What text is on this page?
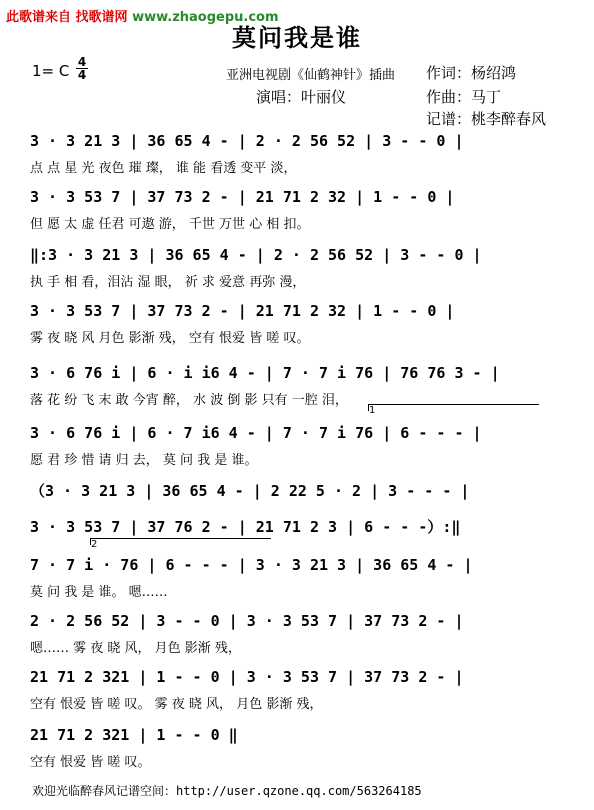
此歌谱来自 找歌谱网 www.zhaogepu.com
莫问我是谁
1= C $\frac{4}{4}$	亚洲电视剧《仙鹤神针》插曲
演唱：叶丽仪
作词：杨绍鸿
作曲：马丁
记谱：桃李醉春风
3 · 3 21 3 | 36 65 4 - | 2 · 2 56 52 | 3 - - 0 |
点 点 星 光 夜色 璀 璨， 谁 能 看透 变平 淡，
3 · 3 53 7 | 37 73 2 - | 21 71 2 32 | 1 - - 0 |
但 愿 太 虚 任君 可遨 游， 千世 万世 心 相 扣。
‖:3 · 3 21 3 | 36 65 4 - | 2 · 2 56 52 | 3 - - 0 |
执 手 相 看，泪沾 湿 眼， 祈 求 爱意 再弥 漫，
3 · 3 53 7 | 37 73 2 - | 21 71 2 32 | 1 - - 0 |
雾 夜 晓 风 月色 影渐 残， 空有 恨爱 皆 嗟 叹。
3 · 6 76 i | 6 · i i6 4 - | 7 · 7 i 76 | 76 76 3 - |
落 花 纷 飞 末 敢 今宵 醉， 水 波 倒 影 只有 一腔 泪，
3 · 6 76 i | 6 · 7 i6 4 - | 7 · 7 i 76 | 6 - - - |
愿 君 珍 惜 请 归 去， 莫 问 我 是 谁。
（3 · 3 21 3 | 36 65 4 - | 2 22 5 · 2 | 3 - - - |
3 · 3 53 7 | 37 76 2 - | 21 71 2 3 | 6 - - -）:‖
7 · 7 i · 76 | 6 - - - | 3 · 3 21 3 | 36 65 4 - |
莫 问 我 是 谁。 嗯……
2 · 2 56 52 | 3 - - 0 | 3 · 3 53 7 | 37 73 2 - |
嗯…… 雾 夜 晓 风， 月色 影渐 残，
21 71 2 321 | 1 - - 0 | 3 · 3 53 7 | 37 73 2 - |
空有 恨爱 皆 嗟 叹。 雾 夜 晓 风， 月色 影渐 残，
21 71 2 321 | 1 - - 0 ‖
空有 恨爱 皆 嗟 叹。
1
2
欢迎光临醉春风记谱空间：http://user.qzone.qq.com/563264185
